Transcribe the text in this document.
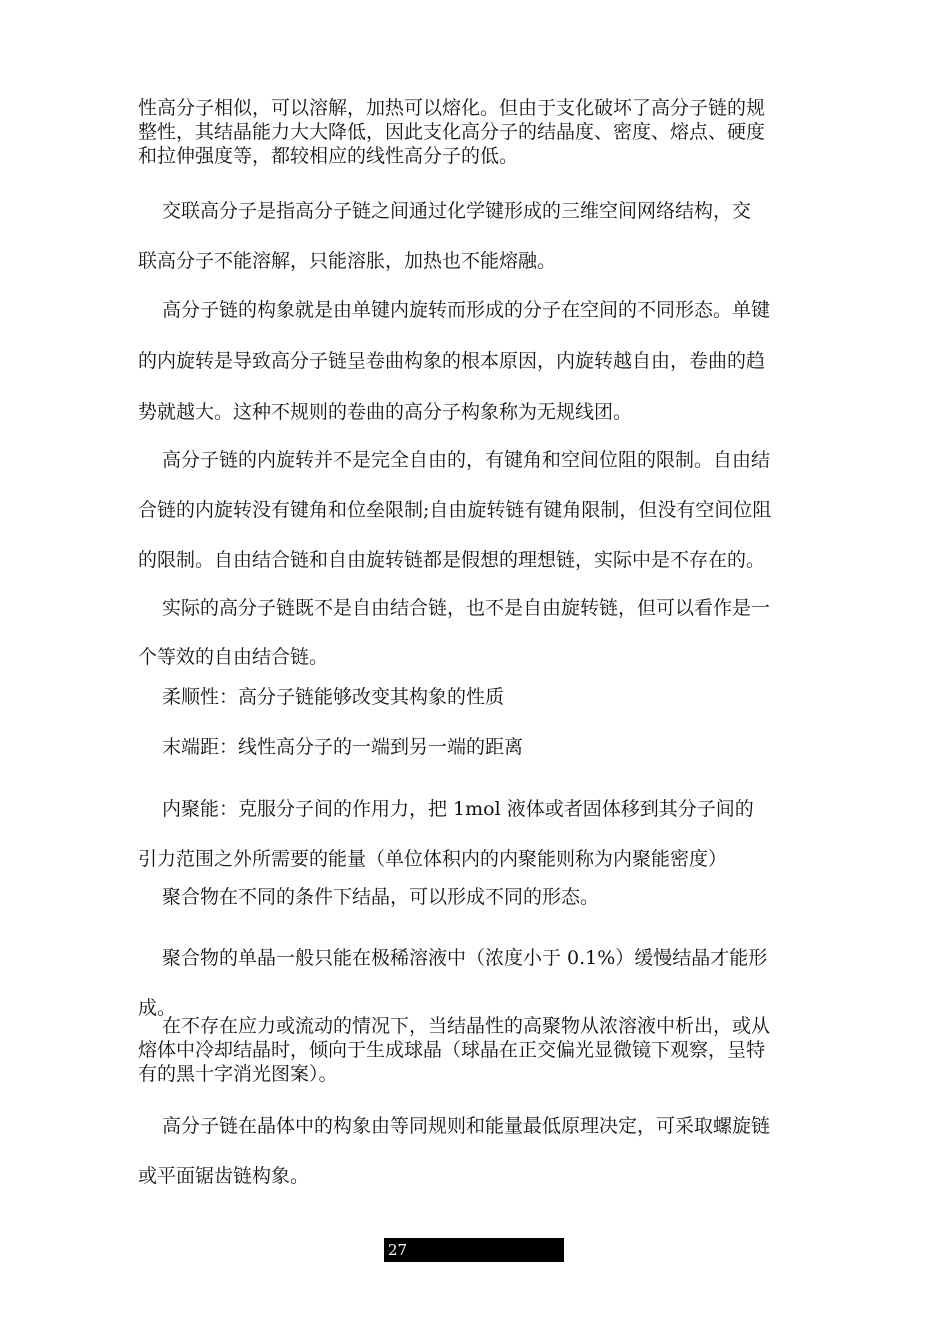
性高分子相似，可以溶解，加热可以熔化。但由于支化破坏了高分子链的规
整性，其结晶能力大大降低，因此支化高分子的结晶度、密度、熔点、硬度
和拉伸强度等，都较相应的线性高分子的低。

交联高分子是指高分子链之间通过化学键形成的三维空间网络结构，交
联高分子不能溶解，只能溶胀，加热也不能熔融。

高分子链的构象就是由单键内旋转而形成的分子在空间的不同形态。单键
的内旋转是导致高分子链呈卷曲构象的根本原因，内旋转越自由，卷曲的趋
势就越大。这种不规则的卷曲的高分子构象称为无规线团。

高分子链的内旋转并不是完全自由的，有键角和空间位阻的限制。自由结
合链的内旋转没有键角和位垒限制;自由旋转链有键角限制，但没有空间位阻
的限制。自由结合链和自由旋转链都是假想的理想链，实际中是不存在的。

实际的高分子链既不是自由结合链，也不是自由旋转链，但可以看作是一
个等效的自由结合链。

柔顺性：高分子链能够改变其构象的性质

末端距：线性高分子的一端到另一端的距离

内聚能：克服分子间的作用力，把 1mol 液体或者固体移到其分子间的
引力范围之外所需要的能量（单位体积内的内聚能则称为内聚能密度）

聚合物在不同的条件下结晶，可以形成不同的形态。

聚合物的单晶一般只能在极稀溶液中（浓度小于 0.1%）缓慢结晶才能形
成。

在不存在应力或流动的情况下，当结晶性的高聚物从浓溶液中析出，或从
熔体中冷却结晶时，倾向于生成球晶（球晶在正交偏光显微镜下观察，呈特
有的黑十字消光图案）。

高分子链在晶体中的构象由等同规则和能量最低原理决定，可采取螺旋链
或平面锯齿链构象。

27
